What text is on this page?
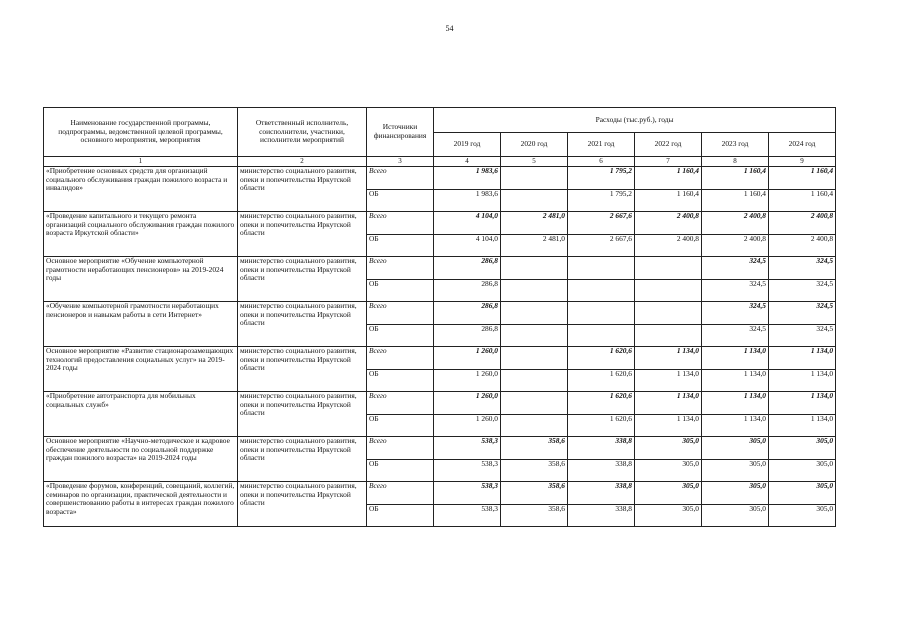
54
Наименование государственной программы, подпрограммы, ведомственной целевой программы, основного мероприятия, мероприятия	Ответственный исполнитель, соисполнители, участники, исполнители мероприятий	Источники финансирования	Расходы (тыс.руб.), годы					
			2019 год	2020 год	2021 год	2022 год	2023 год	2024 год
1	2	3	4	5	6	7	8	9
«Приобретение основных средств для организаций социального обслуживания граждан пожилого возраста и инвалидов»	министерство социального развития, опеки и попечительства Иркутской области	Всего	1 983,6		1 795,2	1 160,4	1 160,4	1 160,4
		ОБ	1 983,6		1 795,2	1 160,4	1 160,4	1 160,4
«Проведение капитального и текущего ремонта организаций социального обслуживания граждан пожилого возраста Иркутской области»	министерство социального развития, опеки и попечительства Иркутской области	Всего	4 104,0	2 481,0	2 667,6	2 400,8	2 400,8	2 400,8
		ОБ	4 104,0	2 481,0	2 667,6	2 400,8	2 400,8	2 400,8
Основное мероприятие «Обучение компьютерной грамотности неработающих пенсионеров» на 2019-2024 годы	министерство социального развития, опеки и попечительства Иркутской области	Всего	286,8				324,5	324,5
		ОБ	286,8				324,5	324,5
«Обучение компьютерной грамотности неработающих пенсионеров и навыкам работы в сети Интернет»	министерство социального развития, опеки и попечительства Иркутской области	Всего	286,8				324,5	324,5
		ОБ	286,8				324,5	324,5
Основное мероприятие «Развитие стационарозамещающих технологий предоставления социальных услуг» на 2019-2024 годы	министерство социального развития, опеки и попечительства Иркутской области	Всего	1 260,0		1 620,6	1 134,0	1 134,0	1 134,0
		ОБ	1 260,0		1 620,6	1 134,0	1 134,0	1 134,0
«Приобретение автотранспорта для мобильных социальных служб»	министерство социального развития, опеки и попечительства Иркутской области	Всего	1 260,0		1 620,6	1 134,0	1 134,0	1 134,0
		ОБ	1 260,0		1 620,6	1 134,0	1 134,0	1 134,0
Основное мероприятие «Научно-методическое и кадровое обеспечение деятельности по социальной поддержке граждан пожилого возраста» на 2019-2024 годы	министерство социального развития, опеки и попечительства Иркутской области	Всего	538,3	358,6	338,8	305,0	305,0	305,0
		ОБ	538,3	358,6	338,8	305,0	305,0	305,0
«Проведение форумов, конференций, совещаний, коллегий, семинаров по организации, практической деятельности и совершенствованию работы в интересах граждан пожилого возраста»	министерство социального развития, опеки и попечительства Иркутской области	Всего	538,3	358,6	338,8	305,0	305,0	305,0
		ОБ	538,3	358,6	338,8	305,0	305,0	305,0
